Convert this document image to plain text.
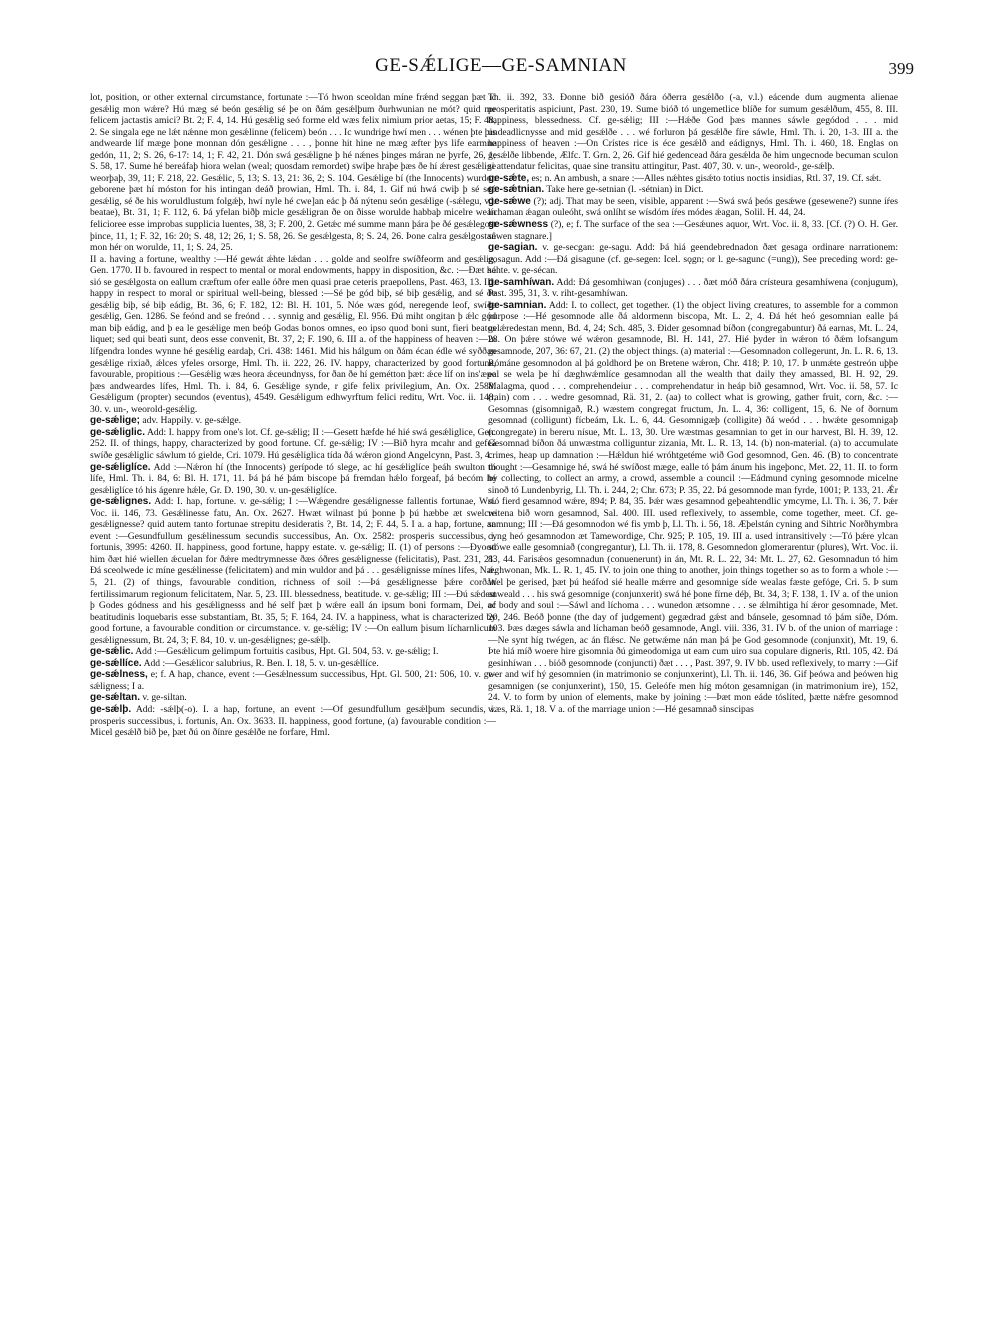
GE-SǼLIGE—GE-SAMNIAN	399

lot, position, or other external circumstance, fortunate :—Tó hwon sceoldan míne frǽnd seggan þæt ic gesǽlig mon wǽre? Hú mæg sé beón gesǽlig sé þe on ðám gesǽlþum ðurhwunian ne mót? quid me felicem jactastis amici? Bt. 2; F. 4, 14. Hú gesǽlig seó forme eld wæs felix nimium prior aetas, 15; F. 48, 2. Se singala ege ne lǽt nǽnne mon gesǽlinne (felicem) beón . . . Ic wundrige hwí men . . . wénen þte þis andwearde líf mæge þone monnan dón gesǽligne . . . , þonne hit hine ne mæg æfter þys life earmne gedón, 11, 2; S. 26, 6-17: 14, 1; F. 42, 21. Dón swá gesǽligne þ hé nǽnes þinges máran ne þyrfe, 26, 1; S. 58, 17. Sume hé bereáfaþ hiora welan (weal; quosdam remordet) swiþe hraþe þæs ðe hí ǽrest gesǽlige weorþaþ, 39, 11; F. 218, 22. Gesǽlic, 5, 13; S. 13, 21: 36, 2; S. 104. Gesǽlige bí (the Innocents) wurdon geborene þæt hí móston for his intingan deáð þrowian, Hml. Th. i. 84, 1. Gif nú hwá cwiþ þ sé seó gesǽlig, sé ðe his woruldlustum folgǽþ, hwí nyle hé cwe]an eác þ ðá nýtenu seón gesǽlige (-sǽlegu, v.l. beatae), Bt. 31, 1; F. 112, 6. Þá yfelan biðþ micle gesǽligran ðe on ðisse worulde habbaþ micelre wean felicioree esse improbas supplicia luentes, 38, 3; F. 200, 2. Getǽc mé summe mann þára þe ðé gesǽlegost þince, 11, 1; F. 32, 16: 20; S. 48, 12; 26, 1; S. 58, 26. Se gesǽlgesta, 8; S. 24, 26. Þone calra gesǽlgostan mon hér on worulde, 11, 1; S. 24, 25.

II a. having a fortune, wealthy :—Hé gewát ǽhte lǽdan . . . golde and seolfre swíðfeorm and gesǽlig, Gen. 1770. II b. favoured in respect to mental or moral endowments, happy in disposition, &c. :—Ðæt hé sió se gesǽlgosta on eallum cræftum ofer ealle óðre men quasi prae ceteris praepollens, Past. 463, 13. III. happy in respect to moral or spiritual well-being, blessed :—Sé þe gód biþ, sé biþ gesǽlig, and sé ðe gesǽlig biþ, sé biþ eádig, Bt. 36, 6; F. 182, 12: Bl. H. 101, 5. Nóe wæs gód, neregende leof, swíðe gesǽlig, Gen. 1286. Se feónd and se freónd . . . synnig and gesǽlig, El. 956. Ðú miht ongitan þ ǽlc gód man biþ eádig, and þ ea le gesǽlige men beóþ Godas bonos omnes, eo ipso quod boni sunt, fieri beatos liquet; sed qui beati sunt, deos esse convenit, Bt. 37, 2; F. 190, 6. III a. of the happiness of heaven :—In lífgendra londes wynne hé gesǽlig eardaþ, Cri. 438: 1461. Mid his hálgum on ðám écan édle wé syððan gesǽlige rixiað, ǽlces yfeles orsorge, Hml. Th. ii. 222, 26. IV. happy, characterized by good fortune, favourable, propitious :—Gesǽlig wæs heora ǽceundnyss, for ðan ðe hí gemétton þæt: ǽce líf on ins'æpe þæs andweardes lífes, Hml. Th. i. 84, 6. Gesǽlige synde, r gife felix privilegium, An. Ox. 2588. Gesǽligum (propter) secundos (eventus), 4549. Gesǽligum edhwyrftum felici reditu, Wrt. Voc. ii. 148, 30. v. un-, weorold-gesǽlig.

ge-sǽlige; adv. Happily. v. ge-sǽlge.

ge-sǽliglic. Add: I. happy from one's lot. Cf. ge-sǽlig; II :—Gesett hæfde hé hié swá gesǽliglice, Gen. 252. II. of things, happy, characterized by good fortune. Cf. ge-sǽlig; IV :—Bið hyra mcahr and gefeá swíðe gesǽliglic sáwlum tó gielde, Cri. 1079. Hú gesǽliglica tída ðá wǽron giond Angelcynn, Past. 3, 4.

ge-sǽliglíce. Add :—Nǽron hí (the Innocents) gerípode tó slege, ac hí gesǽliglíce þeáh swulton tó lífe, Hml. Th. i. 84, 6: Bl. H. 171, 11. Þá þá hé þám biscope þá fremdan hǽlo forgeaf, þá becóm hé gesǽliglíce tó his ágenre hǽle, Gr. D. 190, 30. v. un-gesǽliglíce.

ge-sǽlignes. Add: I. hap, fortune. v. ge-sǽlig; I :—Wǽgendre gesǽlignesse fallentis fortunae, Wrt. Voc. ii. 146, 73. Gesǽlinesse fatu, An. Ox. 2627. Hwæt wilnast þú þonne þ þú hæbbe æt swelcre gesǽlignesse? quid autem tanto fortunae strepitu desideratis ?, Bt. 14, 2; F. 44, 5. I a. a hap, fortune, an event :—Gesundfullum gesǽlinessum secundis successibus, An. Ox. 2582: prosperis successibus, i. fortunis, 3995: 4260. II. happiness, good fortune, happy estate. v. ge-sǽlig; II. (1) of persons :—Ðyood him ðæt hié wiellen ǽcuelan for ðǽre medtrymnesse ðæs óðres gesǽlignesse (felicitatis), Past. 231, 21. Ðá sceolwede ic míne gesǽlinesse (felicitatem) and min wuldor and þá . . . gesǽlignisse mínes lífes, Nar. 5, 21. (2) of things, favourable condition, richness of soil :—Þá gesǽlignesse þǽre corðan fertilissimarum regionum felicitatem, Nar. 5, 23. III. blessedness, beatitude. v. ge-sǽlig; III :—Ðú sǽdest þ Godes gódness and his gesǽlignesss and hé self þæt þ wǽre eall án ipsum boni formam, Dei, ac beatitudinis loquebaris esse substantiam, Bt. 35, 5; F. 164, 24. IV. a happiness, what is characterized by good fortune, a favourable condition or circumstance. v. ge-sǽlig; IV :—On eallum þisum lícharnlicum gesǽlignessum, Bt. 24, 3; F. 84, 10. v. un-gesǽlignes; ge-sǽlþ.

ge-sǽlic. Add :—Gesǽlicum gelimpum fortuitis casibus, Hpt. Gl. 504, 53. v. ge-sǽlig; I.

ge-sǽllíce. Add :—Gesǽlicor salubrius, R. Ben. I. 18, 5. v. un-gesǽllíce.

ge-sǽlness, e; f. A hap, chance, event :—Gesǽlnessum successibus, Hpt. Gl. 500, 21: 506, 10. v. ge-sǽligness; I a.

ge-sǽltan. v. ge-siltan.

ge-sǽlþ. Add: -sǽlþ(-o). I. a hap, fortune, an event :—Of gesundfullum gesǽlþum secundis, i. prosperis successibus, i. fortunis, An. Ox. 3633. II. happiness, good fortune, (a) favourable condition :—Micel gesǽlð bið þe, þæt ðú on ðínre gesǽlðe ne forfare, Hml.

Th. ii. 392, 33. Ðonne bið gesióð ðára óðerra gesǽlðo (-a, v.l.) eácende dum augmenta alienae prosperitatis aspiciunt, Past. 230, 19. Sume bióð tó ungemetlice blíðe for sumum gesǽlðum, 455, 8. III. happiness, blessedness. Cf. ge-sǽlig; III :—Hǽðe God þæs mannes sáwle gegódod . . . mid undeadlicnysse and mid gesǽlðe . . . wé forluron þá gesǽlðe fíre sáwle, Hml. Th. i. 20, 1-3. III a. the happiness of heaven :—On Crístes rice is éce gesǽlð and eádignys, Hml. Th. i. 460, 18. Englas on gesǽlðe libbende, Ælfc. T. Grn. 2, 26. Gif hié gedencead ðára gesǽlda ðe him ungecnode becuman sculon si attendatur felicitas, quae sine transitu attingitur, Past. 407, 30. v. un-, weorold-, ge-sǽlþ.

ge-sǽte, es; n. An ambush, a snare :—Alles nǽhtes gisǽto totius noctis insidias, Rtl. 37, 19. Cf. sǽt.

ge-sǽtnian. Take here ge-setnian (l. -sétnian) in Dict.

ge-sǽwe (?); adj. That may be seen, visible, apparent :—Swá swá þeós gesǽwe (gesewene?) sunne íŕes líchaman ǽagan ouleóht, swá onlíht se wísdóm íŕes módes ǽagan, Solil. H. 44, 24.

ge-sǽwness (?), e; f. The surface of the sea :—Gesǽunes aquor, Wrt. Voc. ii. 8, 33. [Cf. (?) O. H. Ger. sêwen stagnare.]

ge-sagian. v. ge-secgan: ge-sagu. Add: Þá hiá geendebrednadon ðæt gesaga ordinare narrationem: gosagun. Add :—Ðá gisagune (cf. ge-segen: Icel. sǫgn; or l. ge-sagunc (=ung)), See preceding word: ge-sahte. v. ge-sécan.

ge-samhíwan. Add: Ðá gesomhiwan (conjuges) . . . ðæt móð ðára crísteura gesamhíwena (conjugum), Past. 395, 31, 3. v. riht-gesamhíwan.

ge-samnian. Add: I. to collect, get together. (1) the object living creatures, to assemble for a common purpose :—Hé gesomnode alle ðá aldormenn biscopa, Mt. L. 2, 4. Ðá hét heó gesomnian ealle þá gelǽredestan menn, Bd. 4, 24; Sch. 485, 3. Ðider gesomnad bíðon (congregabuntur) ðá earnas, Mt. L. 24, 28. On þǽre stówe wé wǽron gesamnode, Bl. H. 141, 27. Hié þyder in wǽron tó ðǽm lofsangum gesamnode, 207, 36: 67, 21. (2) the object things. (a) material :—Gesomnadon collegerunt, Jn. L. R. 6, 13. Rómáne gesomnodon al þá goldhord þe on Bretene wǽron, Chr. 418; P. 10, 17. Þ unmǽte gestreón uþþe eal se wela þe hí dæghwǽmlíce gesamnodan all the wealth that daily they amassed, Bl. H. 92, 29. Malagma, quod . . . comprehendeiur . . . comprehendatur in heáp bið gesamnod, Wrt. Voc. ii. 58, 57. Ic (rain) com . . . wedre gesomnad, Rä. 31, 2. (aa) to collect what is growing, gather fruit, corn, &c. :—Gesomnas (gisomnigað, R.) wæstem congregat fructum, Jn. L. 4, 36: colligent, 15, 6. Ne of ðornum gesomnad (colligunt) fícbeám, Lk. L. 6, 44. Gesomnigæþ (colligite) ðá weód . . . hwǽte gesomnigaþ (congregate) in bereru nísue, Mt. L. 13, 30. Ure wæstmas gesamnian to get in our harvest, Bl. H. 39, 12. Gesomnad bíðon ðá unwæstma colliguntur zizania, Mt. L. R. 13, 14. (b) non-material. (a) to accumulate crimes, heap up damnation :—Hǽldun hié wróhtgetéme wið God gesomnod, Gen. 46. (B) to concentrate thought :—Gesamnige hé, swá hé swíðost mæge, ealle tó þám ánum his ingeþonc, Met. 22, 11. II. to form by collecting, to collect an army, a crowd, assemble a council :—Eádmund cyning gesomnode micelne sinoð tó Lundenbyrig, Ll. Th. i. 244, 2; Chr. 673; P. 35, 22. Þá gesomnode man fyrde, 1001; P. 133, 21. Ǽr sió fierd gesamnod wǽre, 894; P. 84, 35. Þǽr wæs gesamnod geþeahtendlic ymcyme, Ll. Th. i. 36, 7. Þǽr witena bið worn gesamnod, Sal. 400. III. used reflexively, to assemble, come together, meet. Cf. ge-samnung; III :—Ðá gesomnodon wé fis ymb þ, Ll. Th. i. 56, 18. Æþelstán cyning and Sihtric Norðhymbra cyng heó gesamnodon æt Tamewordige, Chr. 925; P. 105, 19. III a. used intransitively :—Tó þǽre ylcan stówe ealle gesomniað (congregantur), Ll. Th. ii. 178, 8. Gesomnedon glomerarentur (plures), Wrt. Voc. ii. 83, 44. Farisǽos gesomnadun (conuenerunt) in án, Mt. R. L. 22, 34: Mt. L. 27, 62. Gesomnadun tó him ǽghwonan, Mk. L. R. 1, 45. IV. to join one thing to another, join things together so as to form a whole :—Wel þe gerised, þæt þú heáfod sié healle mǽrre and gesomnige síde wealas fæste gefóge, Cri. 5. Þ sum anweald . . . his swá gesomnige (conjunxerit) swá hé þone fírne déþ, Bt. 34, 3; F. 138, 1. IV a. of the union of body and soul :—Sáwl and líchoma . . . wunedon ætsomne . . . se ǽlmihtiga hí ǽror gesomnade, Met. 20, 246. Beóð þonne (the day of judgement) gegædrad gǽst and bánsele, gesomnad tó þám síðe, Dóm. 103. Þæs dæges sáwla and líchaman beóð gesamnode, Angl. viii. 336, 31. IV b. of the union of marriage :—Ne synt híg twégen, ac án flǽsc. Ne getwǽme nán man þá þe God gesomnode (conjunxit), Mt. 19, 6. Þte hiá míð woere hire gisomnia ðú gimeodomiga ut eam cum uiro sua copulare digneris, Rtl. 105, 42. Ðá gesinhíwan . . . bióð gesomnode (conjuncti) ðæt . . . , Past. 397, 9. IV bb. used reflexively, to marry :—Gif wer and wif hý gesomnien (in matrimonio se conjunxerint), Ll. Th. ii. 146, 36. Gif þeówa and þeówen hig gesamnigen (se conjunxerint), 150, 15. Geleófe men híg móton gesamnigan (in matrimonium ire), 152, 24. V. to form by union of elements, make by joining :—Þæt mon eáde tóslíted, þætte nǽfre gesomnod wæs, Rä. 1, 18. V a. of the marriage union :—Hé gesamnað sinscipas
